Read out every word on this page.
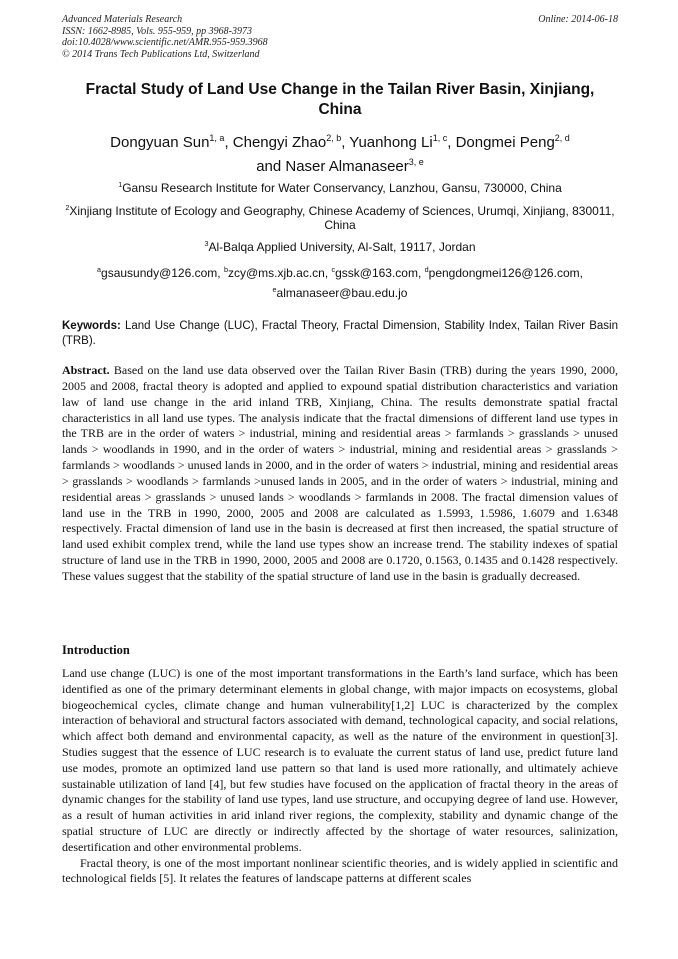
Advanced Materials Research
ISSN: 1662-8985, Vols. 955-959, pp 3968-3973
doi:10.4028/www.scientific.net/AMR.955-959.3968
© 2014 Trans Tech Publications Ltd, Switzerland
Online: 2014-06-18
Fractal Study of Land Use Change in the Tailan River Basin, Xinjiang, China
Dongyuan Sun$^{1, a}$, Chengyi Zhao$^{2, b}$, Yuanhong Li$^{1, c}$, Dongmei Peng$^{2, d}$
and Naser Almanaseer$^{3, e}$
$^1$Gansu Research Institute for Water Conservancy, Lanzhou, Gansu, 730000, China
$^2$Xinjiang Institute of Ecology and Geography, Chinese Academy of Sciences, Urumqi, Xinjiang, 830011, China
$^3$Al-Balqa Applied University, Al-Salt, 19117, Jordan
$^a$gsausundy@126.com, $^b$zcy@ms.xjb.ac.cn, $^c$gssk@163.com, $^d$pengdongmei126@126.com,
$^e$almanaseer@bau.edu.jo
Keywords: Land Use Change (LUC), Fractal Theory, Fractal Dimension, Stability Index, Tailan River Basin (TRB).
Abstract. Based on the land use data observed over the Tailan River Basin (TRB) during the years 1990, 2000, 2005 and 2008, fractal theory is adopted and applied to expound spatial distribution characteristics and variation law of land use change in the arid inland TRB, Xinjiang, China. The results demonstrate spatial fractal characteristics in all land use types. The analysis indicate that the fractal dimensions of different land use types in the TRB are in the order of waters > industrial, mining and residential areas > farmlands > grasslands > unused lands > woodlands in 1990, and in the order of waters > industrial, mining and residential areas > grasslands > farmlands > woodlands > unused lands in 2000, and in the order of waters > industrial, mining and residential areas > grasslands > woodlands > farmlands >unused lands in 2005, and in the order of waters > industrial, mining and residential areas > grasslands > unused lands > woodlands > farmlands in 2008. The fractal dimension values of land use in the TRB in 1990, 2000, 2005 and 2008 are calculated as 1.5993, 1.5986, 1.6079 and 1.6348 respectively. Fractal dimension of land use in the basin is decreased at first then increased, the spatial structure of land used exhibit complex trend, while the land use types show an increase trend. The stability indexes of spatial structure of land use in the TRB in 1990, 2000, 2005 and 2008 are 0.1720, 0.1563, 0.1435 and 0.1428 respectively. These values suggest that the stability of the spatial structure of land use in the basin is gradually decreased.
Introduction

Land use change (LUC) is one of the most important transformations in the Earth’s land surface, which has been identified as one of the primary determinant elements in global change, with major impacts on ecosystems, global biogeochemical cycles, climate change and human vulnerability[1,2] LUC is characterized by the complex interaction of behavioral and structural factors associated with demand, technological capacity, and social relations, which affect both demand and environmental capacity, as well as the nature of the environment in question[3]. Studies suggest that the essence of LUC research is to evaluate the current status of land use, predict future land use modes, promote an optimized land use pattern so that land is used more rationally, and ultimately achieve sustainable utilization of land [4], but few studies have focused on the application of fractal theory in the areas of dynamic changes for the stability of land use types, land use structure, and occupying degree of land use. However, as a result of human activities in arid inland river regions, the complexity, stability and dynamic change of the spatial structure of LUC are directly or indirectly affected by the shortage of water resources, salinization, desertification and other environmental problems.

Fractal theory, is one of the most important nonlinear scientific theories, and is widely applied in scientific and technological fields [5]. It relates the features of landscape patterns at different scales
